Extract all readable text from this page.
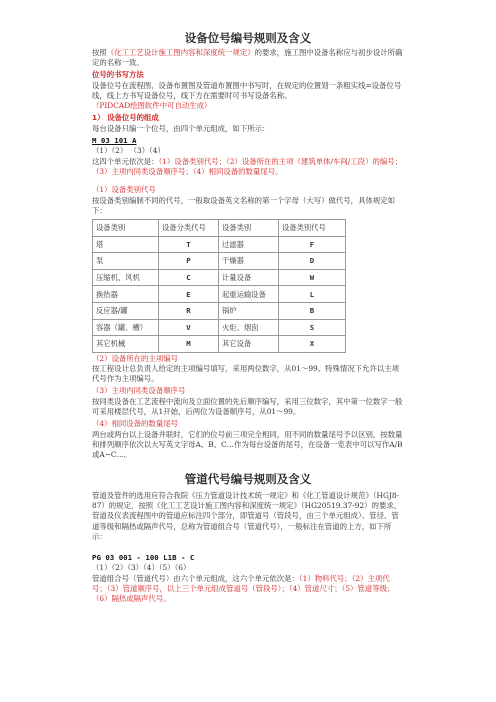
设备位号编号规则及含义

按照《化工工艺设计施工图内容和深度统一规定》的要求，施工图中设备名称应与初步设计所确定的名称一致。

位号的书写方法

设备位号在流程图、设备布置图及管道布置图中书写时，在规定的位置划一条粗实线=设备位号线，线上方书写设备位号，线下方在需要时可书写设备名称。（PIDCAD绘图软件中可自动生成）

1） 设备位号的组成

每台设备只编一个位号，由四个单元组成，如下所示：

M 03 101 A

（1）（2） （3）（4）

这四个单元依次是：（1）设备类别代号；（2）设备所在的主项（建筑单体/车间/工段）的编号；（3）主项内同类设备顺序号；（4）相同设备的数量尾号。

（1）设备类别代号

按设备类别编制不同的代号，一般取设备英文名称的第一个字母（大写）做代号，具体规定如下：

设备类别	设备分类代号	设备类别	设备类别代号
塔	T	过滤器	F
泵	P	干燥器	D
压缩机、风机	C	计量设备	W
换热器	E	起重运输设备	L
反应器/罐	R	锅炉	B
容器（罐、槽）	V	火炬、烟囱	S
其它机械	M	其它设备	X

（2）设备所在的主项编号

按工程设计总负责人给定的主项编号填写，采用两位数字，从01～99。特殊情况下允许以主项代号作为主项编号。

（3）主项内同类设备顺序号

按同类设备在工艺流程中流向及立面位置的先后顺序编写，采用三位数字，其中第一位数字一般可采用楼层代号，从1开始，后两位为设备顺序号，从01～99。

（4）相同设备的数量尾号

两台或两台以上设备并联时，它们的位号前三项完全相同，用不同的数量尾号予以区别，按数量和排列顺序依次以大写英文字母A、B、C…作为每台设备的尾号，在设备一览表中可以写作A/B或A~C…。

管道代号编号规则及含义

管道及管件的选用应符合我院《压力管道设计技术统一规定》和《化工管道设计规范》（HGJ8-87）的规定，按照《化工工艺设计施工图内容和深度统一规定》（HG20519.37-92）的要求，管道及仪表流程图中的管道应标注四个部分，即管道号（管段号，由三个单元组成）、管径、管道等级和隔热或隔声代号，总称为管道组合号（管道代号），一般标注在管道的上方，如下所示：

PG 03 001 - 100 L1B - C

（1）（2）（3）（4）（5）（6）

管道组合号（管道代号）由六个单元组成，这六个单元依次是：（1）物料代号；（2）主项代号；（3）管道顺序号，以上三个单元组成管道号（管段号）；（4）管道尺寸；（5）管道等级；（6）隔热或隔声代号。
